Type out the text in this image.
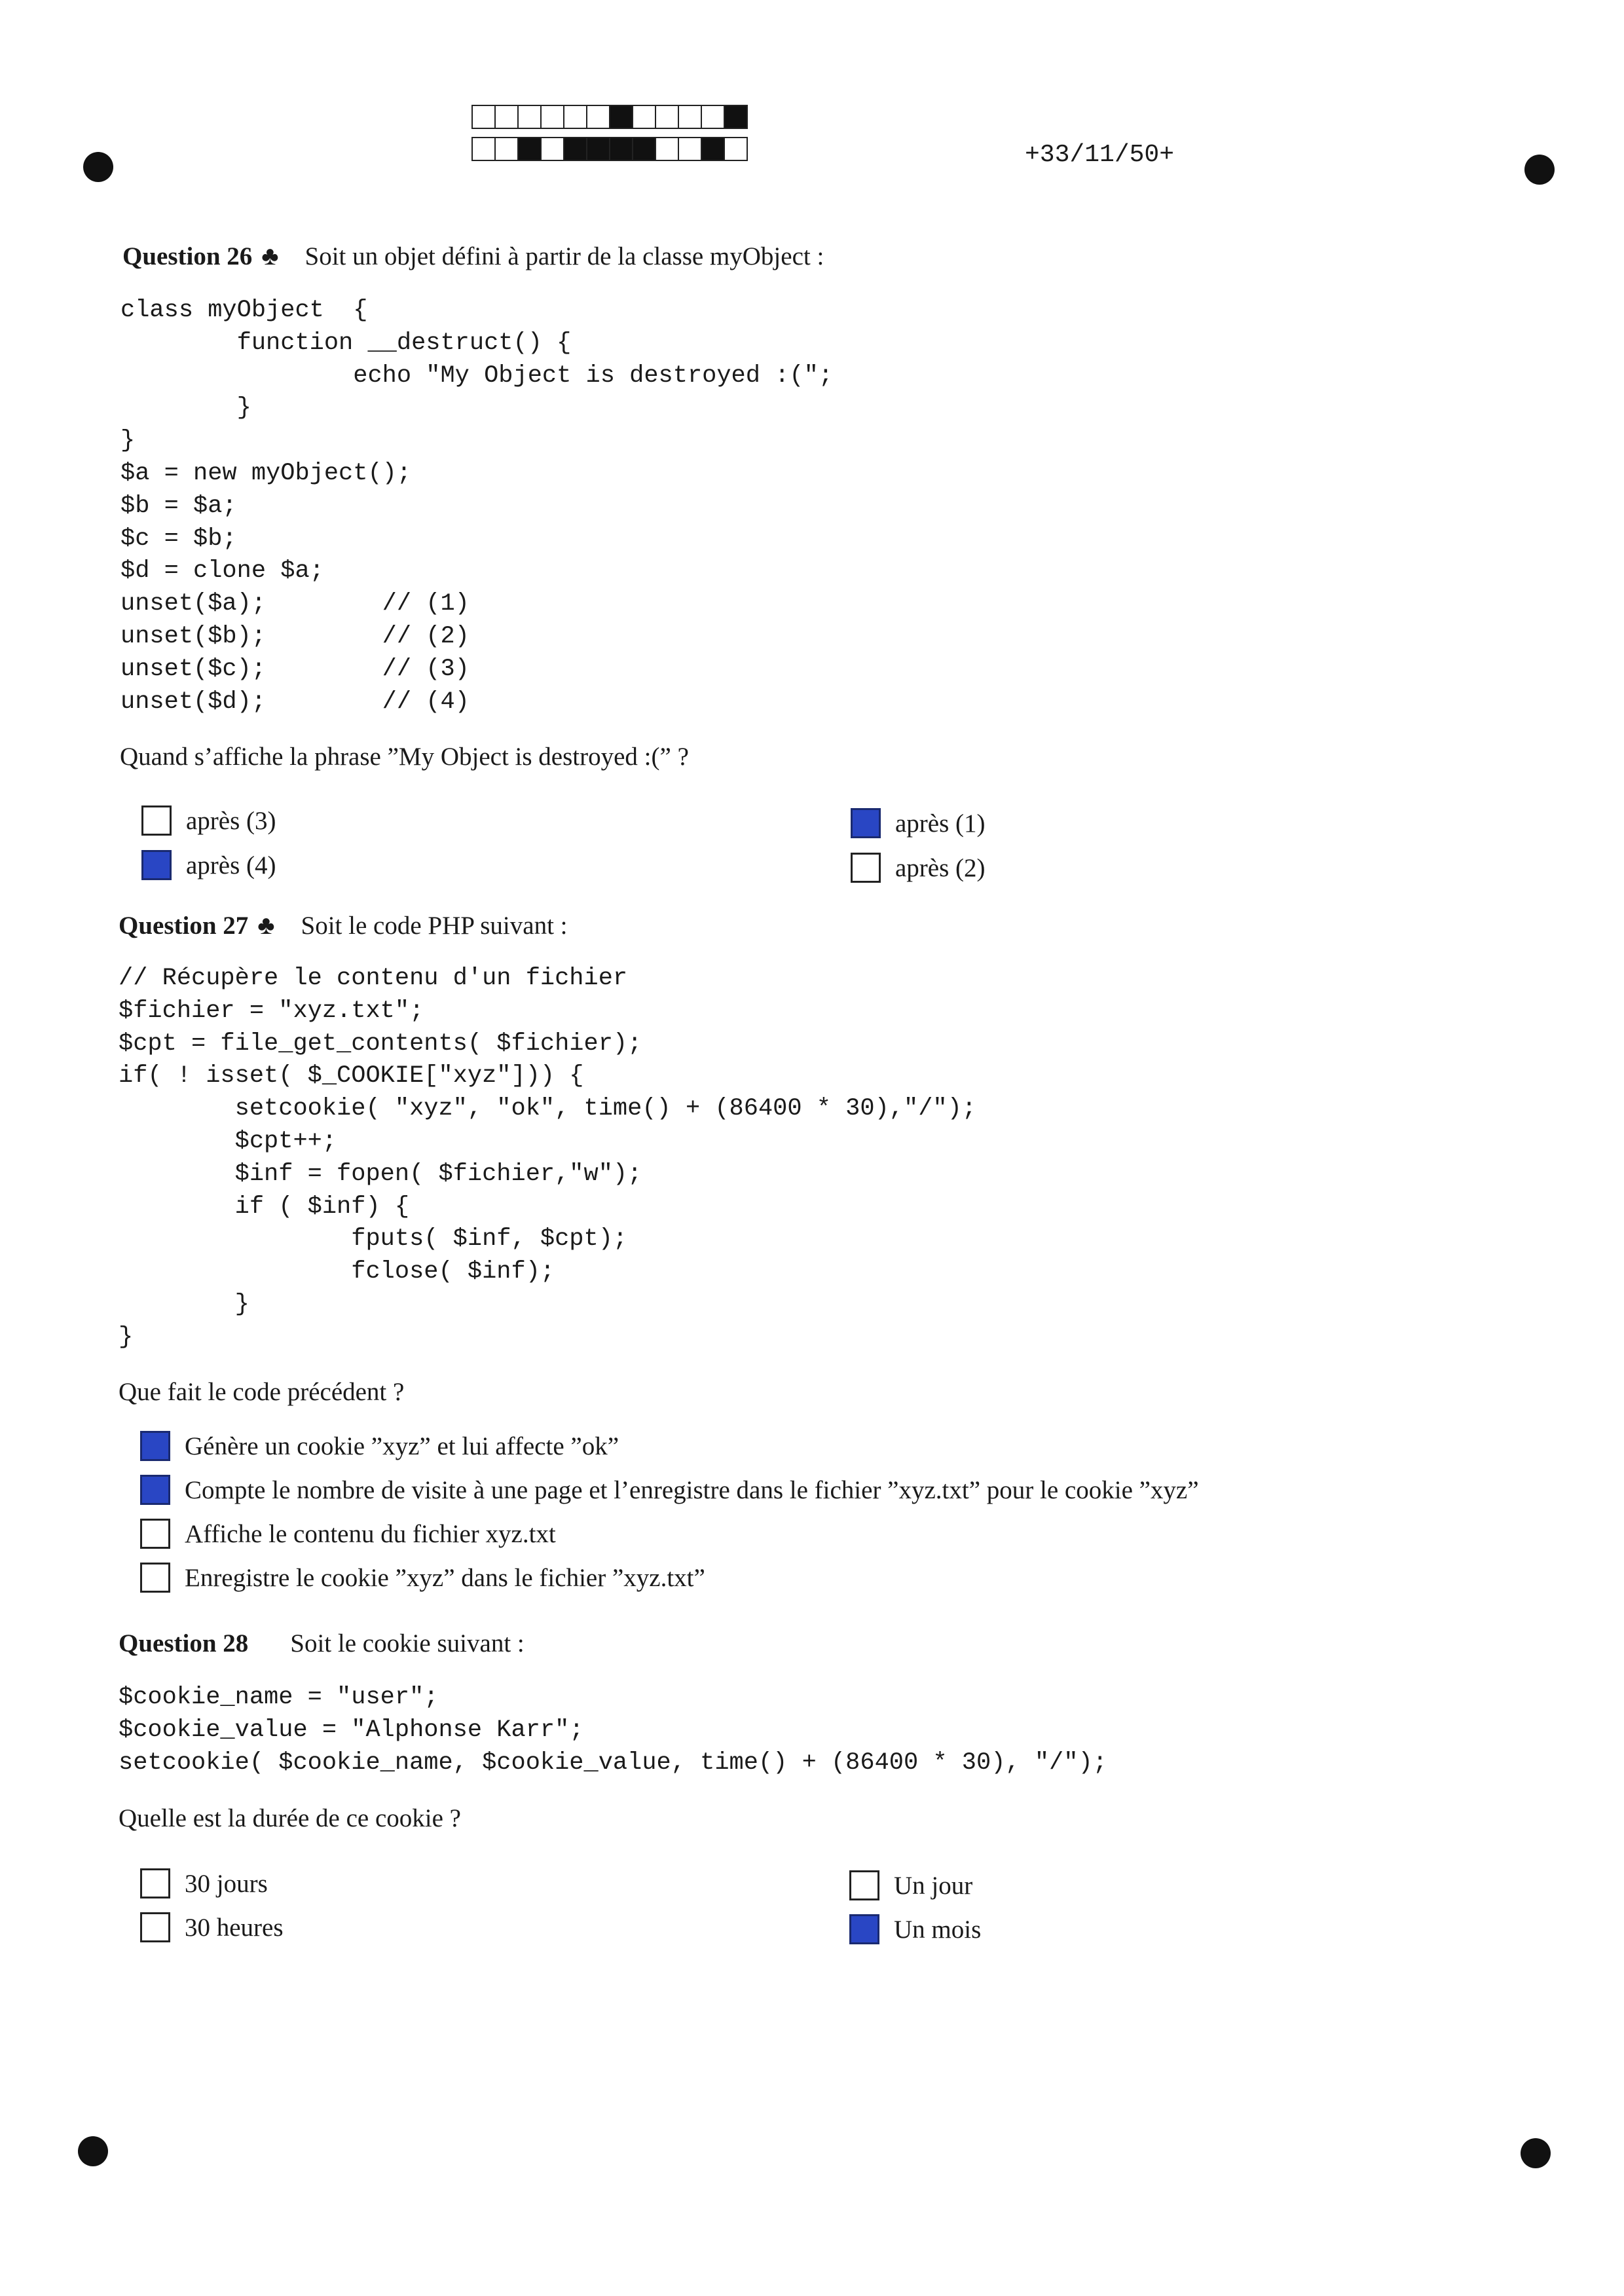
+33/11/50+
Question 26 ♣ Soit un objet défini à partir de la classe myObject :
class myObject  {
function __destruct() {
echo "My Object is destroyed :(";
}
}
$a = new myObject();
$b = $a;
$c = $b;
$d = clone $a;
unset($a);        // (1)
unset($b);        // (2)
unset($c);        // (3)
unset($d);        // (4)
Quand s’affiche la phrase ”My Object is destroyed :(” ?
après (3)
après (4)
après (1)
après (2)
Question 27 ♣ Soit le code PHP suivant :
// Récupère le contenu d'un fichier
$fichier = "xyz.txt";
$cpt = file_get_contents( $fichier);
if( ! isset( $_COOKIE["xyz"])) {
setcookie( "xyz", "ok", time() + (86400 * 30),"/");
$cpt++;
$inf = fopen( $fichier,"w");
if ( $inf) {
fputs( $inf, $cpt);
fclose( $inf);
}
}
Que fait le code précédent ?
Génère un cookie ”xyz” et lui affecte ”ok”
Compte le nombre de visite à une page et l’enregistre dans le fichier ”xyz.txt” pour le cookie ”xyz”
Affiche le contenu du fichier xyz.txt
Enregistre le cookie ”xyz” dans le fichier ”xyz.txt”
Question 28 Soit le cookie suivant :
$cookie_name = "user";
$cookie_value = "Alphonse Karr";
setcookie( $cookie_name, $cookie_value, time() + (86400 * 30), "/");
Quelle est la durée de ce cookie ?
30 jours
30 heures
Un jour
Un mois
